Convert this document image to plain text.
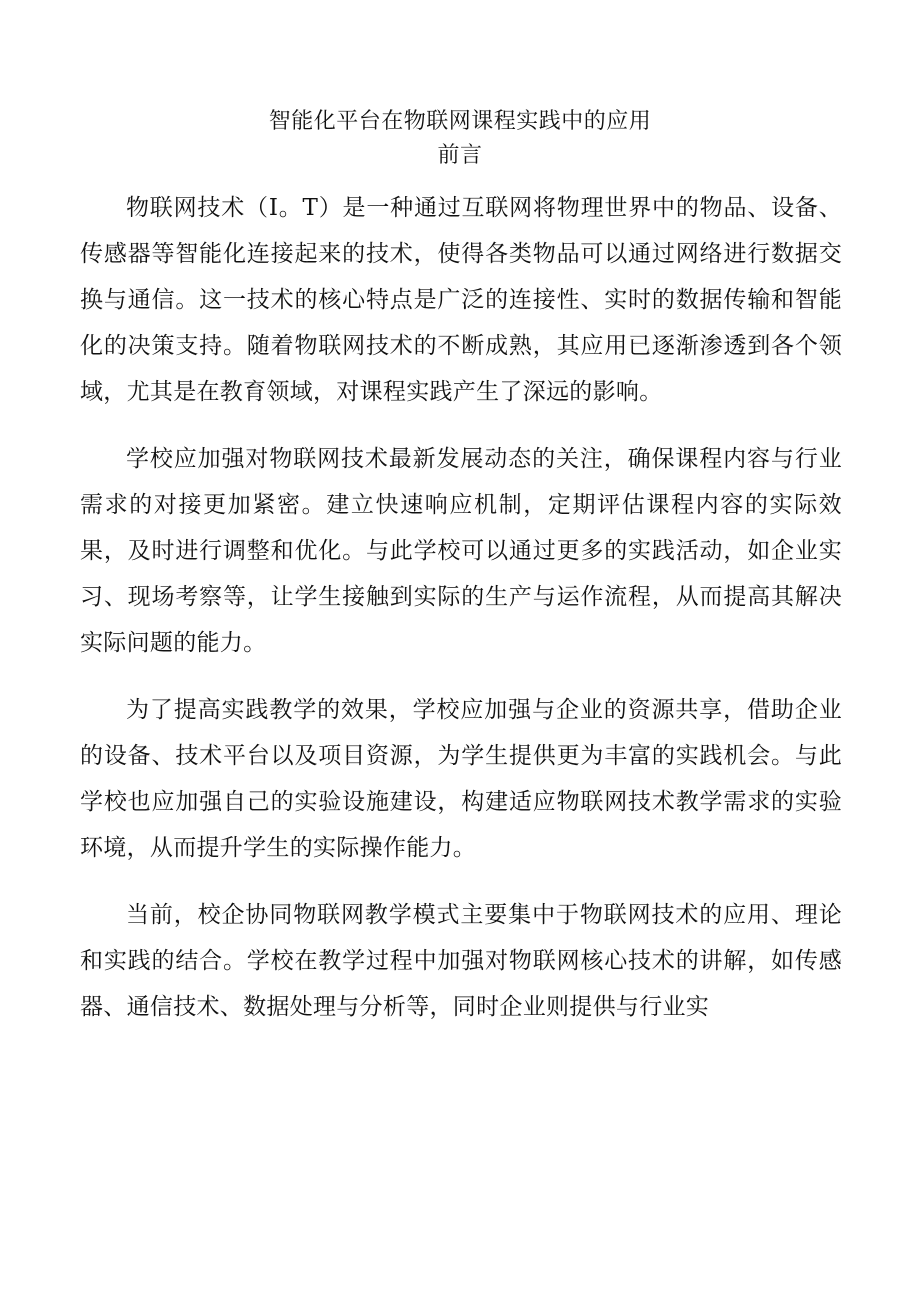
智能化平台在物联网课程实践中的应用
前言

物联网技术（I。T）是一种通过互联网将物理世界中的物品、设备、传感器等智能化连接起来的技术，使得各类物品可以通过网络进行数据交换与通信。这一技术的核心特点是广泛的连接性、实时的数据传输和智能化的决策支持。随着物联网技术的不断成熟，其应用已逐渐渗透到各个领域，尤其是在教育领域，对课程实践产生了深远的影响。

学校应加强对物联网技术最新发展动态的关注，确保课程内容与行业需求的对接更加紧密。建立快速响应机制，定期评估课程内容的实际效果，及时进行调整和优化。与此学校可以通过更多的实践活动，如企业实习、现场考察等，让学生接触到实际的生产与运作流程，从而提高其解决实际问题的能力。

为了提高实践教学的效果，学校应加强与企业的资源共享，借助企业的设备、技术平台以及项目资源，为学生提供更为丰富的实践机会。与此学校也应加强自己的实验设施建设，构建适应物联网技术教学需求的实验环境，从而提升学生的实际操作能力。

当前，校企协同物联网教学模式主要集中于物联网技术的应用、理论和实践的结合。学校在教学过程中加强对物联网核心技术的讲解，如传感器、通信技术、数据处理与分析等，同时企业则提供与行业实
